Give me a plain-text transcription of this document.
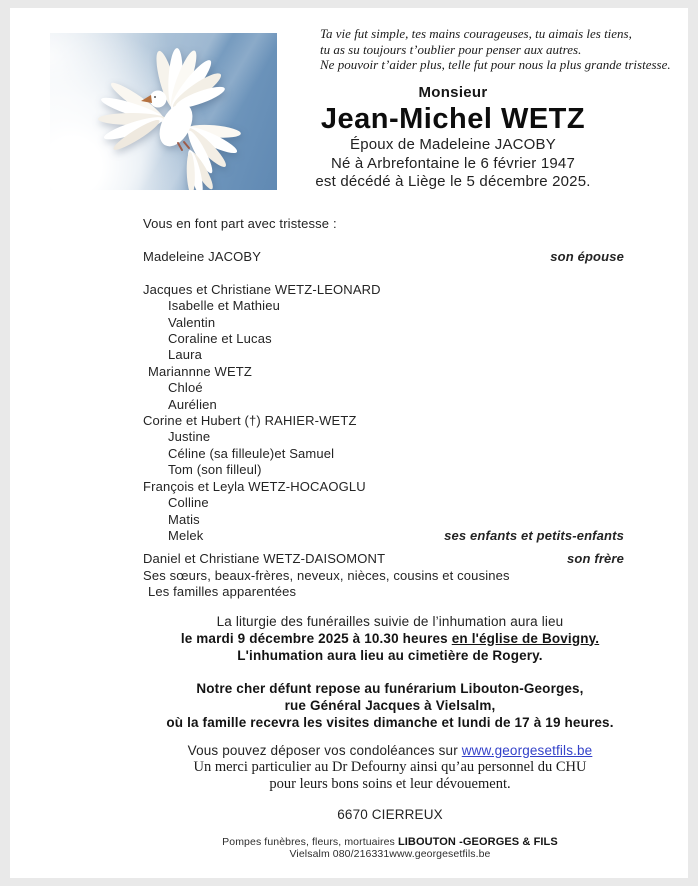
Ta vie fut simple, tes mains courageuses, tu aimais les tiens,
tu as su toujours t’oublier pour penser aux autres.
Ne pouvoir t’aider plus, telle fut pour nous la plus grande tristesse.
Monsieur
Jean-Michel WETZ
Époux de Madeleine JACOBY
Né à Arbrefontaine le 6 février 1947
est décédé à Liège le 5 décembre 2025.
Vous en font part avec tristesse :
Madeleine JACOBY	son épouse
Jacques et Christiane WETZ-LEONARD
Isabelle et Mathieu
Valentin
Coraline et Lucas
Laura
Mariannne WETZ
Chloé
Aurélien
Corine et Hubert (†) RAHIER-WETZ
Justine
Céline (sa filleule)et Samuel
Tom (son filleul)
François et Leyla WETZ-HOCAOGLU
Colline
Matis
Melek	ses enfants et petits-enfants
Daniel et Christiane WETZ-DAISOMONT	son frère
Ses sœurs, beaux-frères, neveux, nièces, cousins et cousines
Les familles apparentées
La liturgie des funérailles suivie de l’inhumation aura lieu
le mardi 9 décembre 2025 à 10.30 heures en l'église de Bovigny.
L'inhumation aura lieu au cimetière de Rogery.
Notre cher défunt repose au funérarium Libouton-Georges,
rue Général Jacques à Vielsalm,
où la famille recevra les visites dimanche et lundi de 17 à 19 heures.
Vous pouvez déposer vos condoléances sur www.georgesetfils.be
Un merci particulier au Dr Defourny ainsi qu’au personnel du CHU
pour leurs bons soins et leur dévouement.
6670 CIERREUX
Pompes funèbres, fleurs, mortuaires LIBOUTON -GEORGES & FILS
Vielsalm 080/216331www.georgesetfils.be
